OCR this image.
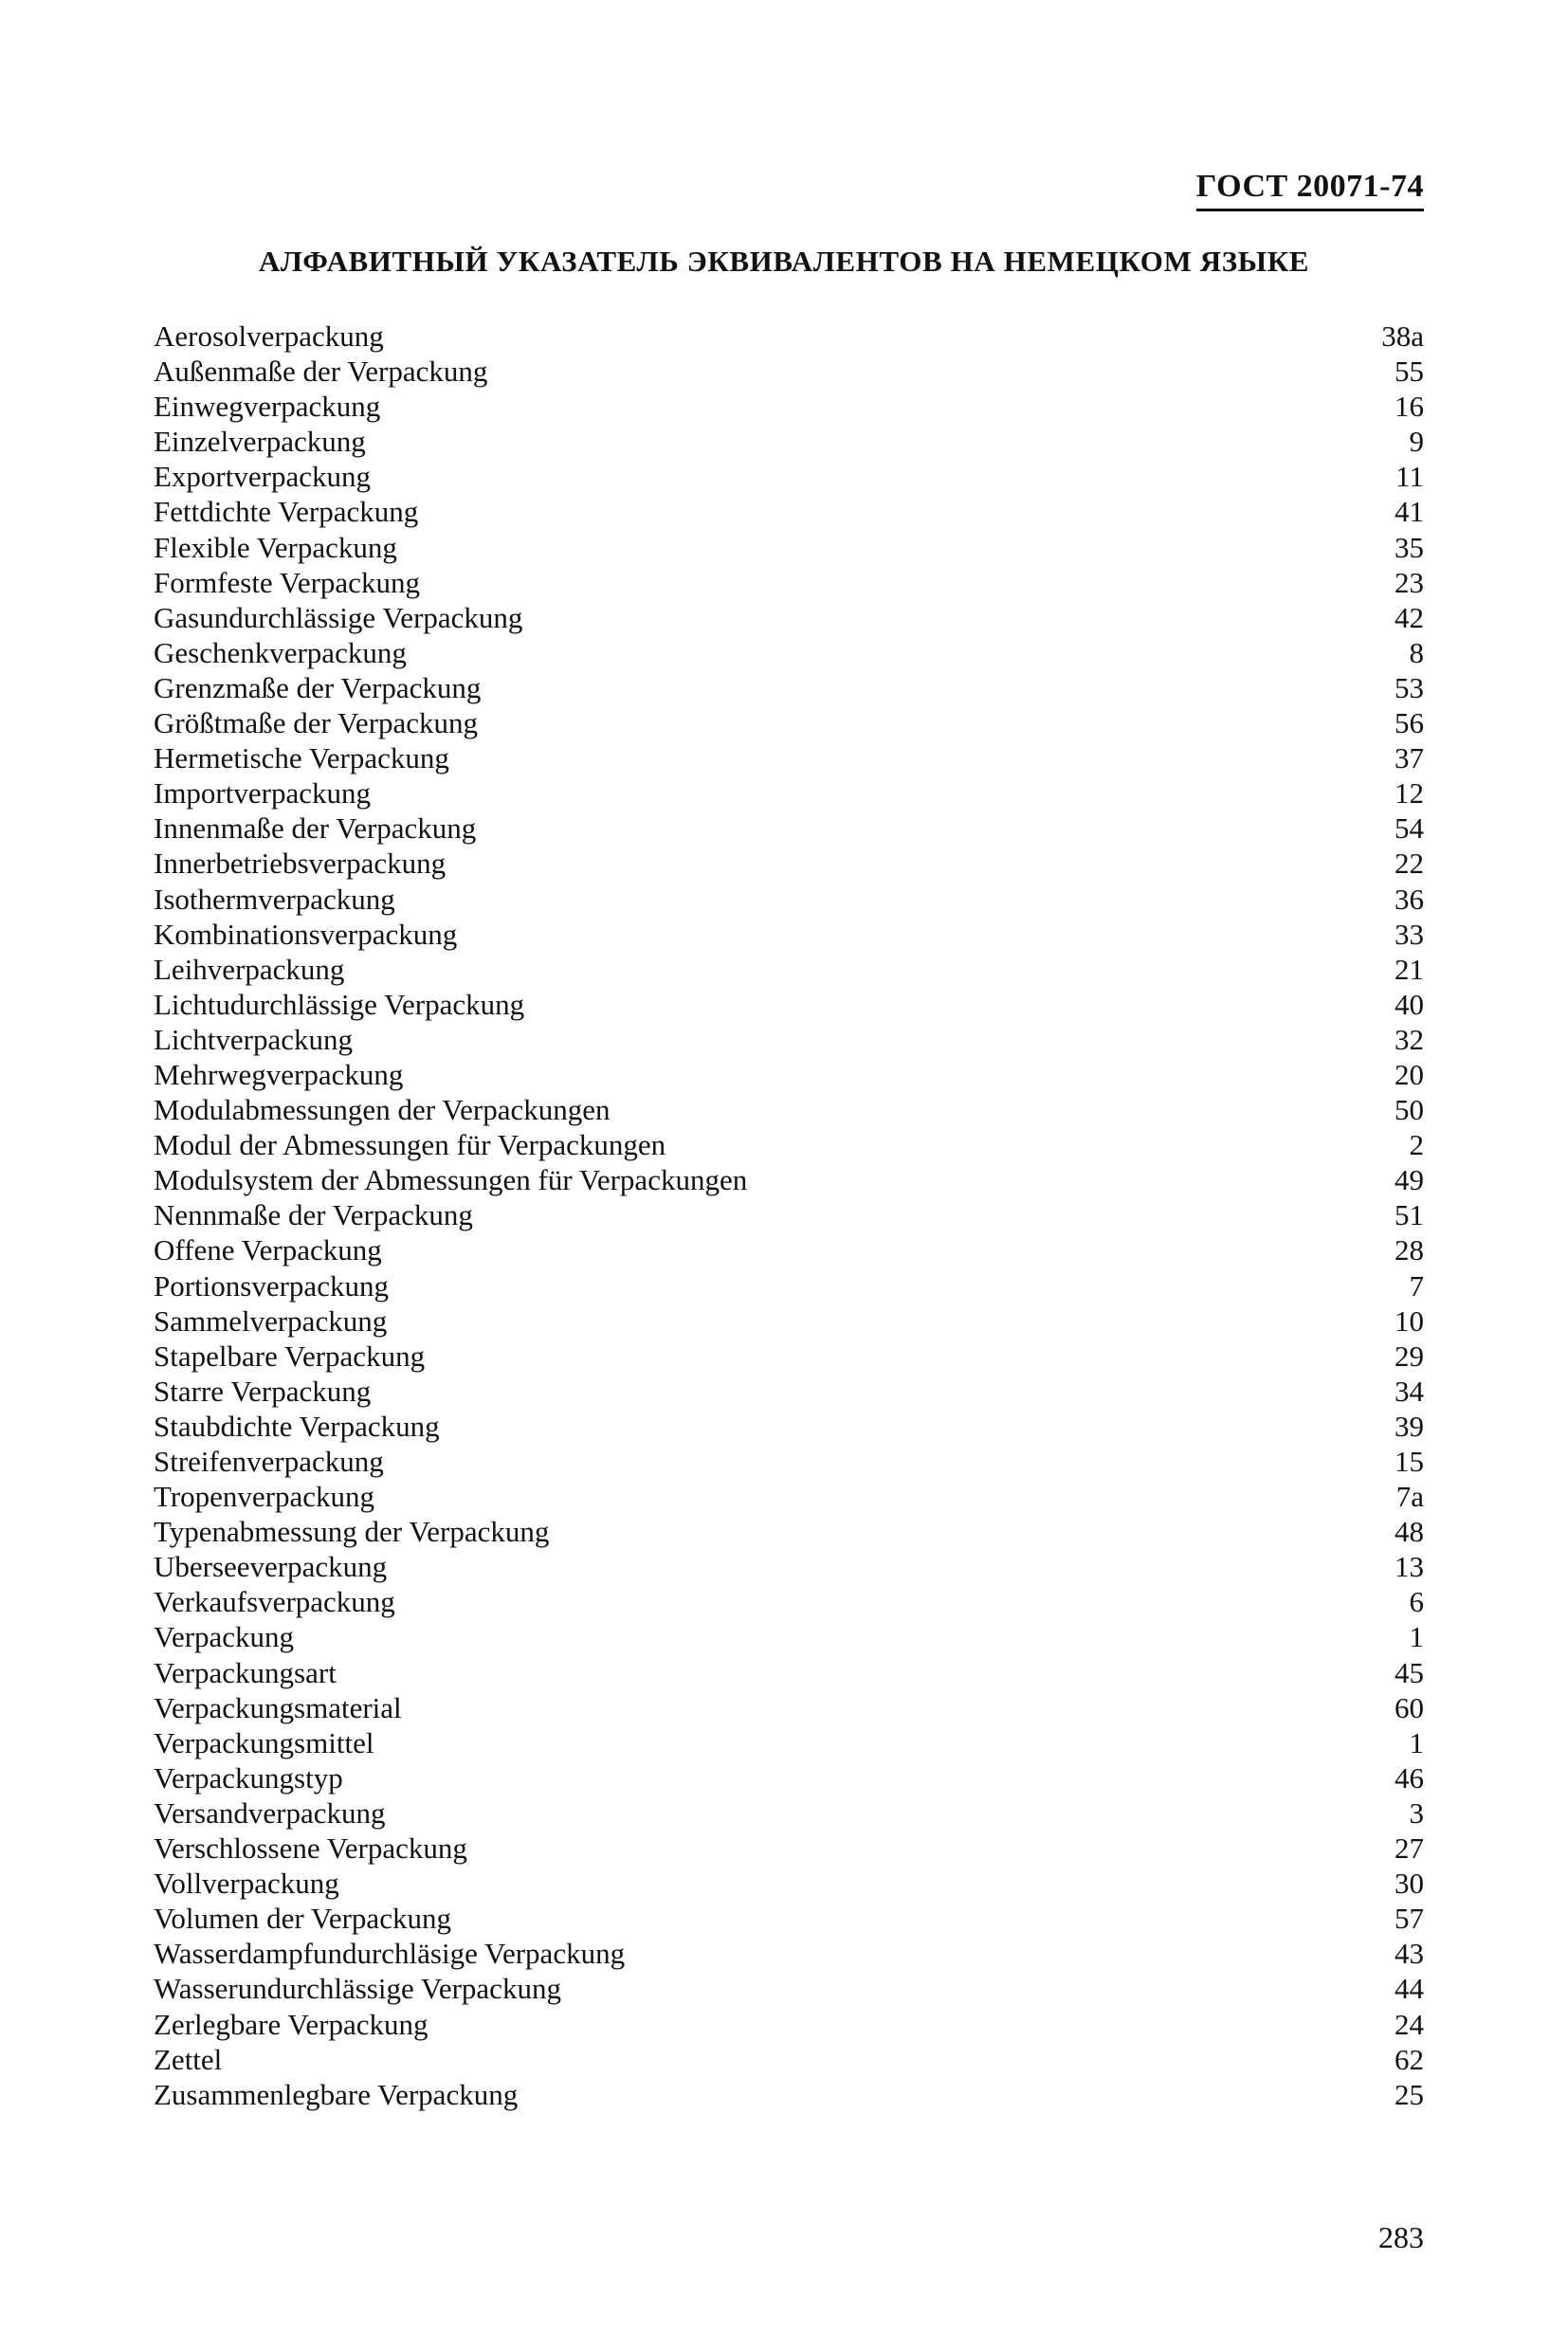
ГОСТ 20071-74
АЛФАВИТНЫЙ УКАЗАТЕЛЬ ЭКВИВАЛЕНТОВ НА НЕМЕЦКОМ ЯЗЫКЕ
Aerosolverpackung	38a
Außenmaße der Verpackung	55
Einwegverpackung	16
Einzelverpackung	9
Exportverpackung	11
Fettdichte Verpackung	41
Flexible Verpackung	35
Formfeste Verpackung	23
Gasundurchlässige Verpackung	42
Geschenkverpackung	8
Grenzmaße der Verpackung	53
Größtmaße der Verpackung	56
Hermetische Verpackung	37
Importverpackung	12
Innenmaße der Verpackung	54
Innerbetriebsverpackung	22
Isothermverpackung	36
Kombinationsverpackung	33
Leihverpackung	21
Lichtudurchlässige Verpackung	40
Lichtverpackung	32
Mehrwegverpackung	20
Modulabmessungen der Verpackungen	50
Modul der Abmessungen für Verpackungen	2
Modulsystem der Abmessungen für Verpackungen	49
Nennmaße der Verpackung	51
Offene Verpackung	28
Portionsverpackung	7
Sammelverpackung	10
Stapelbare Verpackung	29
Starre Verpackung	34
Staubdichte Verpackung	39
Streifenverpackung	15
Tropenverpackung	7a
Typenabmessung der Verpackung	48
Uberseeverpackung	13
Verkaufsverpackung	6
Verpackung	1
Verpackungsart	45
Verpackungsmaterial	60
Verpackungsmittel	1
Verpackungstyp	46
Versandverpackung	3
Verschlossene Verpackung	27
Vollverpackung	30
Volumen der Verpackung	57
Wasserdampfundurchläsige Verpackung	43
Wasserundurchlässige Verpackung	44
Zerlegbare Verpackung	24
Zettel	62
Zusammenlegbare Verpackung	25
283
